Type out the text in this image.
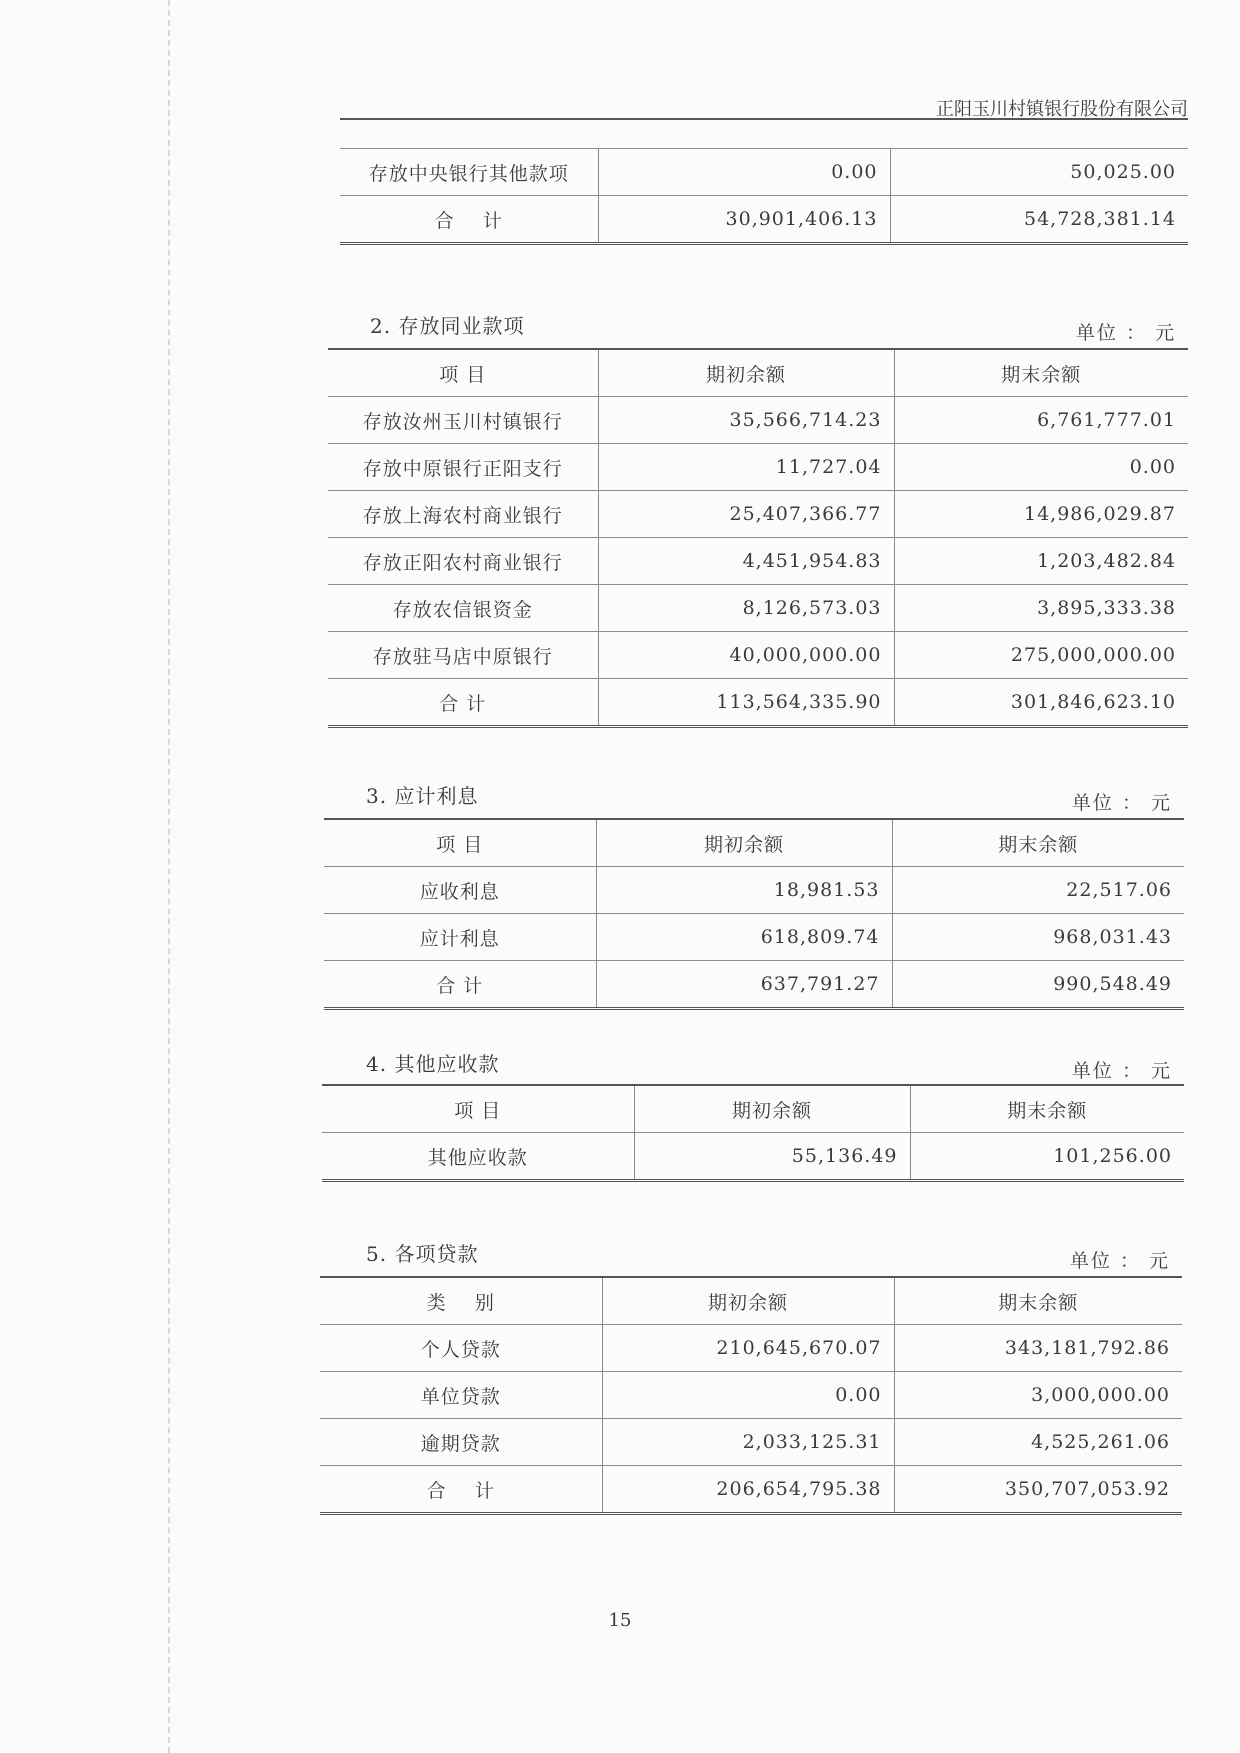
正阳玉川村镇银行股份有限公司
存放中央银行其他款项	0.00	50,025.00
合    计	30,901,406.13	54,728,381.14
2. 存放同业款项	单位 ： 元
项 目	期初余额	期末余额
存放汝州玉川村镇银行	35,566,714.23	6,761,777.01
存放中原银行正阳支行	11,727.04	0.00
存放上海农村商业银行	25,407,366.77	14,986,029.87
存放正阳农村商业银行	4,451,954.83	1,203,482.84
存放农信银资金	8,126,573.03	3,895,333.38
存放驻马店中原银行	40,000,000.00	275,000,000.00
合 计	113,564,335.90	301,846,623.10
3. 应计利息	单位 ： 元
项 目	期初余额	期末余额
应收利息	18,981.53	22,517.06
应计利息	618,809.74	968,031.43
合 计	637,791.27	990,548.49
4. 其他应收款	单位 ： 元
项 目	期初余额	期末余额
其他应收款	55,136.49	101,256.00
5. 各项贷款	单位 ： 元
类    别	期初余额	期末余额
个人贷款	210,645,670.07	343,181,792.86
单位贷款	0.00	3,000,000.00
逾期贷款	2,033,125.31	4,525,261.06
合    计	206,654,795.38	350,707,053.92
15
